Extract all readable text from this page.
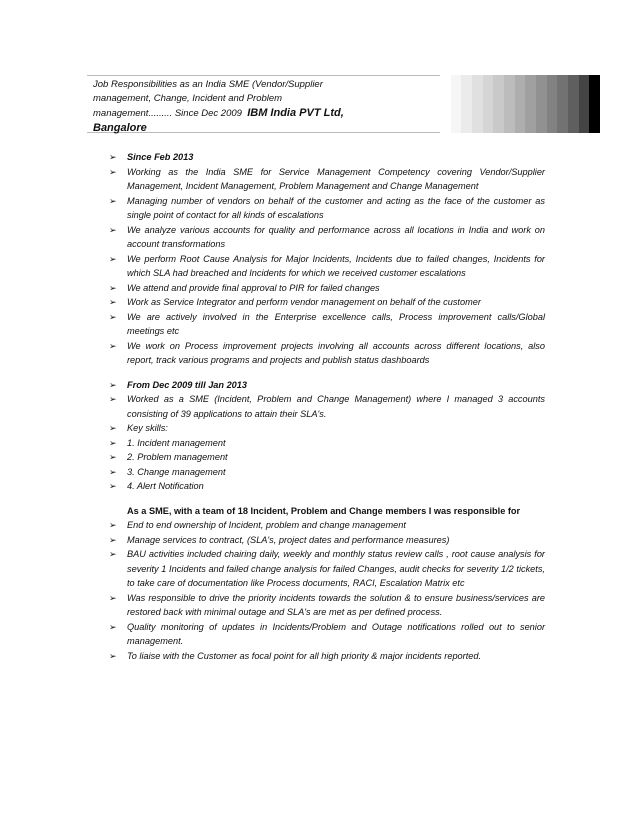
Job Responsibilities as an India SME (Vendor/Supplier
management, Change, Incident and Problem
management......... Since Dec 2009 IBM India PVT Ltd,
Bangalore
➢ Since Feb 2013
➢ Working as the India SME for Service Management Competency covering Vendor/Supplier Management, Incident Management, Problem Management and Change Management
➢ Managing number of vendors on behalf of the customer and acting as the face of the customer as single point of contact for all kinds of escalations
➢ We analyze various accounts for quality and performance across all locations in India and work on account transformations
➢ We perform Root Cause Analysis for Major Incidents, Incidents due to failed changes, Incidents for which SLA had breached and Incidents for which we received customer escalations
➢ We attend and provide final approval to PIR for failed changes
➢ Work as Service Integrator and perform vendor management on behalf of the customer
➢ We are actively involved in the Enterprise excellence calls, Process improvement calls/Global meetings etc
➢ We work on Process improvement projects involving all accounts across different locations, also report, track various programs and projects and publish status dashboards
➢ From Dec 2009 till Jan 2013
➢ Worked as a SME (Incident, Problem and Change Management) where I managed 3 accounts consisting of 39 applications to attain their SLA's.
➢ Key skills:
➢ 1. Incident management
➢ 2. Problem management
➢ 3. Change management
➢ 4. Alert Notification
As a SME, with a team of 18 Incident, Problem and Change members I was responsible for
➢ End to end ownership of Incident, problem and change management
➢ Manage services to contract, (SLA's, project dates and performance measures)
➢ BAU activities included chairing daily, weekly and monthly status review calls , root cause analysis for severity 1 Incidents and failed change analysis for failed Changes, audit checks for severity 1/2 tickets, to take care of documentation like Process documents, RACI, Escalation Matrix etc
➢ Was responsible to drive the priority incidents towards the solution & to ensure business/services are restored back with minimal outage and SLA's are met as per defined process.
➢ Quality monitoring of updates in Incidents/Problem and Outage notifications rolled out to senior management.
➢ To liaise with the Customer as focal point for all high priority & major incidents reported.
